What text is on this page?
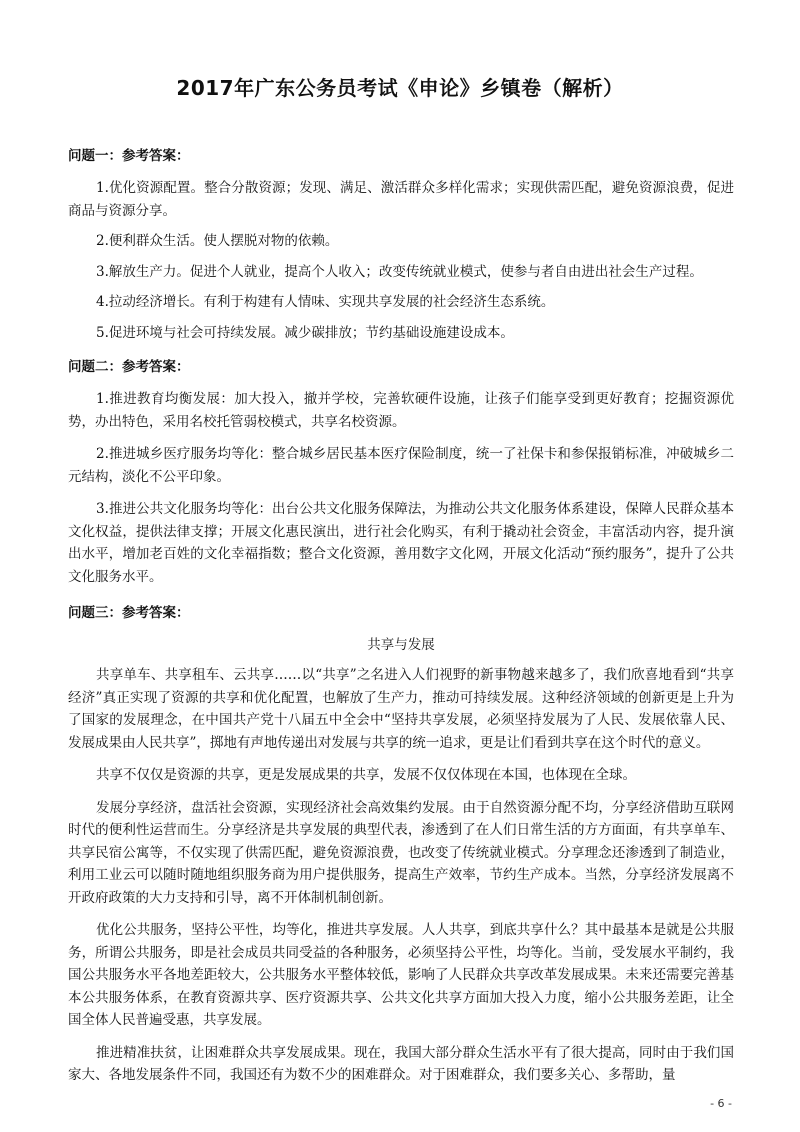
2017年广东公务员考试《申论》乡镇卷（解析）
问题一：参考答案：

1.优化资源配置。整合分散资源；发现、满足、激活群众多样化需求；实现供需匹配，避免资源浪费，促进商品与资源分享。

2.便利群众生活。使人摆脱对物的依赖。

3.解放生产力。促进个人就业，提高个人收入；改变传统就业模式，使参与者自由进出社会生产过程。

4.拉动经济增长。有利于构建有人情味、实现共享发展的社会经济生态系统。

5.促进环境与社会可持续发展。减少碳排放；节约基础设施建设成本。

问题二：参考答案：

1.推进教育均衡发展：加大投入，撤并学校，完善软硬件设施，让孩子们能享受到更好教育；挖掘资源优势，办出特色，采用名校托管弱校模式，共享名校资源。

2.推进城乡医疗服务均等化：整合城乡居民基本医疗保险制度，统一了社保卡和参保报销标准，冲破城乡二元结构，淡化不公平印象。

3.推进公共文化服务均等化：出台公共文化服务保障法，为推动公共文化服务体系建设，保障人民群众基本文化权益，提供法律支撑；开展文化惠民演出，进行社会化购买，有利于撬动社会资金，丰富活动内容，提升演出水平，增加老百姓的文化幸福指数；整合文化资源，善用数字文化网，开展文化活动“预约服务”，提升了公共文化服务水平。

问题三：参考答案：
共享与发展

共享单车、共享租车、云共享……以“共享”之名进入人们视野的新事物越来越多了，我们欣喜地看到“共享经济”真正实现了资源的共享和优化配置，也解放了生产力，推动可持续发展。这种经济领域的创新更是上升为了国家的发展理念，在中国共产党十八届五中全会中“坚持共享发展，必须坚持发展为了人民、发展依靠人民、发展成果由人民共享”，掷地有声地传递出对发展与共享的统一追求，更是让们看到共享在这个时代的意义。

共享不仅仅是资源的共享，更是发展成果的共享，发展不仅仅体现在本国，也体现在全球。

发展分享经济，盘活社会资源，实现经济社会高效集约发展。由于自然资源分配不均，分享经济借助互联网时代的便利性运营而生。分享经济是共享发展的典型代表，渗透到了在人们日常生活的方方面面，有共享单车、共享民宿公寓等，不仅实现了供需匹配，避免资源浪费，也改变了传统就业模式。分享理念还渗透到了制造业，利用工业云可以随时随地组织服务商为用户提供服务，提高生产效率，节约生产成本。当然，分享经济发展离不开政府政策的大力支持和引导，离不开体制机制创新。

优化公共服务，坚持公平性，均等化，推进共享发展。人人共享，到底共享什么？其中最基本是就是公共服务，所谓公共服务，即是社会成员共同受益的各种服务，必须坚持公平性，均等化。当前，受发展水平制约，我国公共服务水平各地差距较大，公共服务水平整体较低，影响了人民群众共享改革发展成果。未来还需要完善基本公共服务体系，在教育资源共享、医疗资源共享、公共文化共享方面加大投入力度，缩小公共服务差距，让全国全体人民普遍受惠，共享发展。

推进精准扶贫，让困难群众共享发展成果。现在，我国大部分群众生活水平有了很大提高，同时由于我们国家大、各地发展条件不同，我国还有为数不少的困难群众。对于困难群众，我们要多关心、多帮助，量

- 6 -
